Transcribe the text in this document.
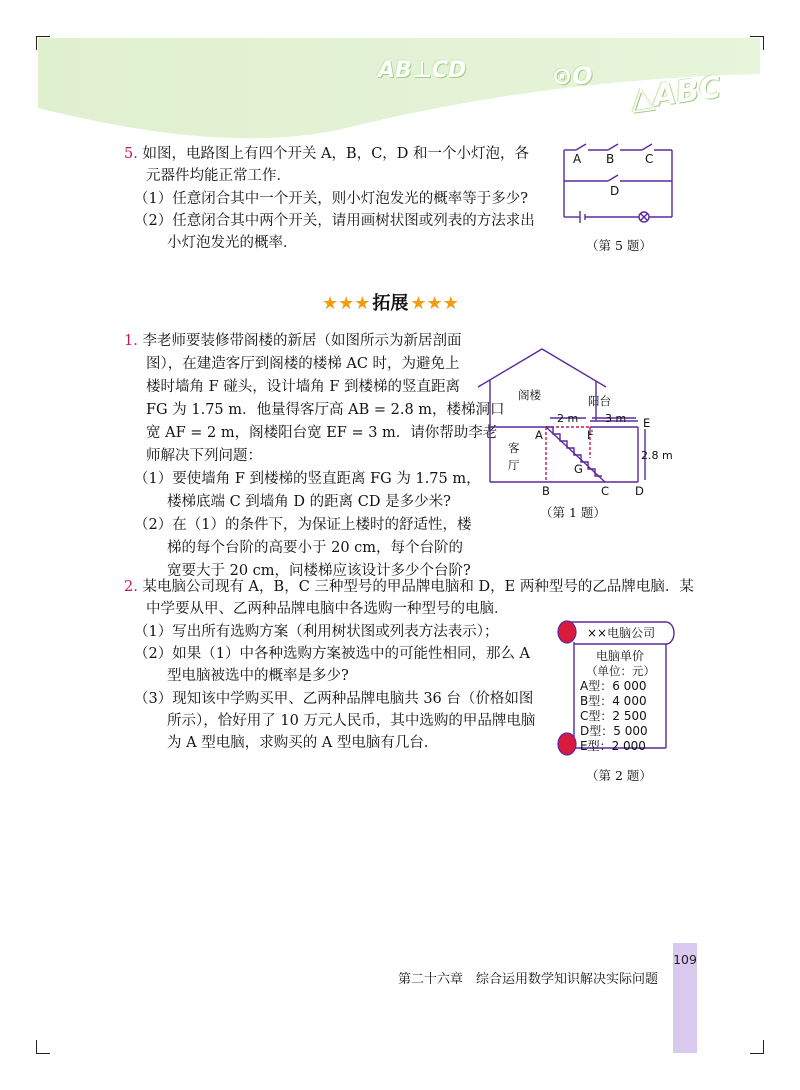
AB⊥CD	⊙O △ABC
5. 如图，电路图上有四个开关 A，B，C，D 和一个小灯泡，各
元器件均能正常工作．
（1）任意闭合其中一个开关，则小灯泡发光的概率等于多少?
（2）任意闭合其中两个开关，请用画树状图或列表的方法求出
小灯泡发光的概率．
A B	C
D
（第 5 题）
★★★ 拓展 ★★★
1. 李老师要装修带阁楼的新居（如图所示为新居剖面
图），在建造客厅到阁楼的楼梯 AC 时，为避免上
楼时墙角 F 碰头，设计墙角 F 到楼梯的竖直距离
FG 为 1.75 m．他量得客厅高 AB = 2.8 m，楼梯洞口
宽 AF = 2 m，阁楼阳台宽 EF = 3 m．请你帮助李老
师解决下列问题：
（1）要使墙角 F 到楼梯的竖直距离 FG 为 1.75 m，
楼梯底端 C 到墙角 D 的距离 CD 是多少米?
（2）在（1）的条件下，为保证上楼时的舒适性，楼
梯的每个台阶的高要小于 20 cm，每个台阶的
宽要大于 20 cm，问楼梯应该设计多少个台阶?
阁楼	阳台
客
厅
2 m 3 m
2.8 m
A	F
E
G
B	C D
（第 1 题）
2. 某电脑公司现有 A，B，C 三种型号的甲品牌电脑和 D，E 两种型号的乙品牌电脑．某
中学要从甲、乙两种品牌电脑中各选购一种型号的电脑．
（1）写出所有选购方案（利用树状图或列表方法表示）；
（2）如果（1）中各种选购方案被选中的可能性相同，那么 A
型电脑被选中的概率是多少?
（3）现知该中学购买甲、乙两种品牌电脑共 36 台（价格如图
所示），恰好用了 10 万元人民币，其中选购的甲品牌电脑
为 A 型电脑，求购买的 A 型电脑有几台．
××电脑公司
电脑单价
（单位：元）
A型：6 000
B型：4 000
C型：2 500
D型：5 000
E型：2 000
（第 2 题）
109
第二十六章　综合运用数学知识解决实际问题
